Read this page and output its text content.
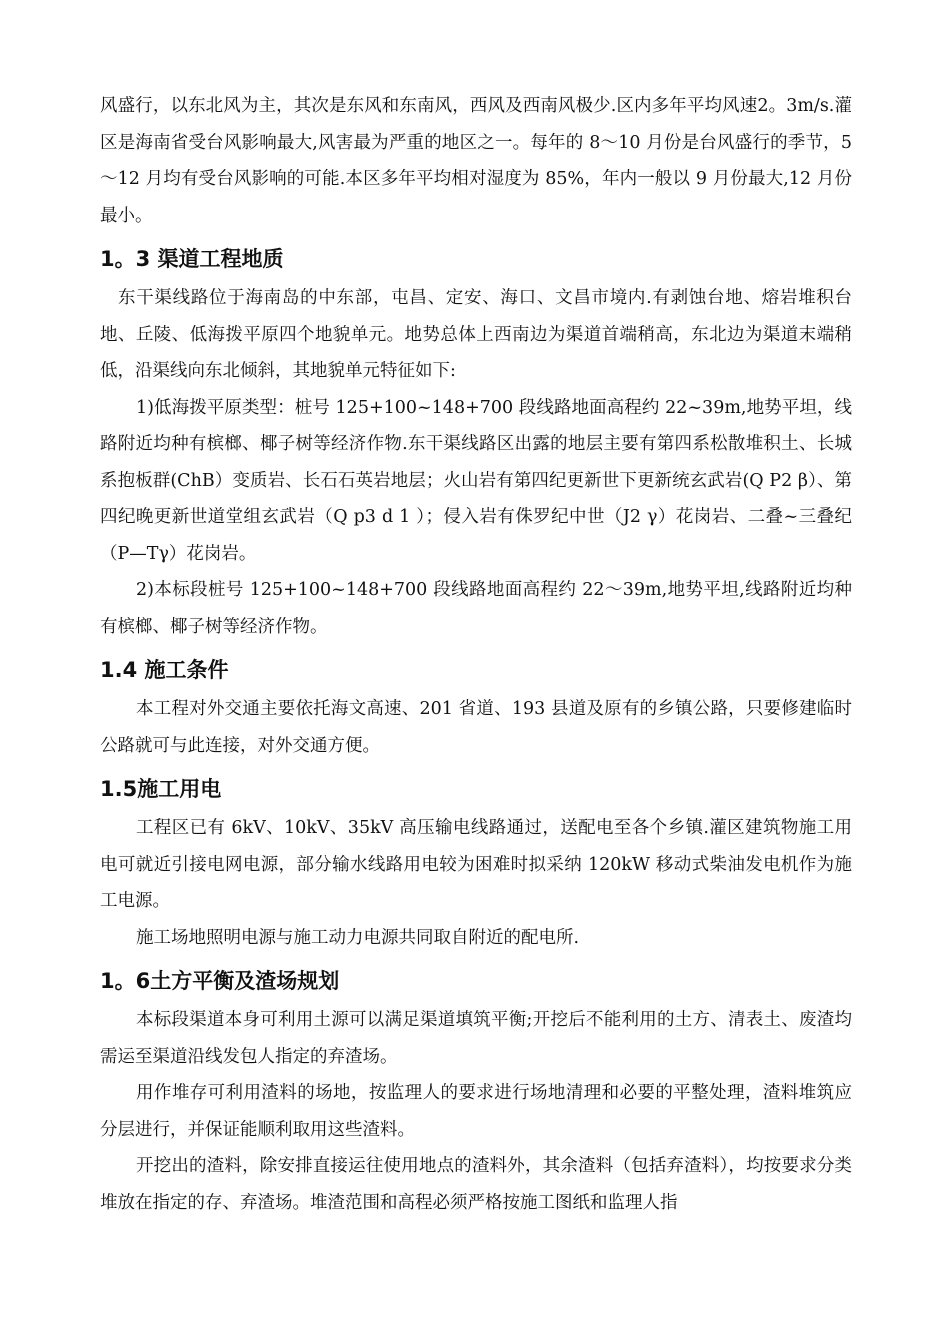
风盛行，以东北风为主，其次是东风和东南风，西风及西南风极少.区内多年平均风速2。3m/s.灌区是海南省受台风影响最大,风害最为严重的地区之一。每年的 8～10 月份是台风盛行的季节，5～12 月均有受台风影响的可能.本区多年平均相对湿度为 85%，年内一般以 9 月份最大,12 月份最小。

1。3 渠道工程地质

东干渠线路位于海南岛的中东部，屯昌、定安、海口、文昌市境内.有剥蚀台地、熔岩堆积台地、丘陵、低海拨平原四个地貌单元。地势总体上西南边为渠道首端稍高，东北边为渠道末端稍低，沿渠线向东北倾斜，其地貌单元特征如下:

1)低海拨平原类型：桩号 125+100~148+700 段线路地面高程约 22~39m,地势平坦，线路附近均种有槟榔、椰子树等经济作物.东干渠线路区出露的地层主要有第四系松散堆积土、长城系抱板群(ChB）变质岩、长石石英岩地层；火山岩有第四纪更新世下更新统玄武岩(Q P2 β）、第四纪晚更新世道堂组玄武岩（Q p3 d 1 ）；侵入岩有侏罗纪中世（J2 γ）花岗岩、二叠~三叠纪（P—Tγ）花岗岩。

2)本标段桩号 125+100~148+700 段线路地面高程约 22～39m,地势平坦,线路附近均种有槟榔、椰子树等经济作物。

1.4 施工条件

本工程对外交通主要依托海文高速、201 省道、193 县道及原有的乡镇公路，只要修建临时公路就可与此连接，对外交通方便。

1.5施工用电

工程区已有 6kV、10kV、35kV 高压输电线路通过，送配电至各个乡镇.灌区建筑物施工用电可就近引接电网电源，部分输水线路用电较为困难时拟采纳 120kW 移动式柴油发电机作为施工电源。

施工场地照明电源与施工动力电源共同取自附近的配电所.

1。6土方平衡及渣场规划

本标段渠道本身可利用土源可以满足渠道填筑平衡;开挖后不能利用的土方、清表土、废渣均需运至渠道沿线发包人指定的弃渣场。

用作堆存可利用渣料的场地，按监理人的要求进行场地清理和必要的平整处理，渣料堆筑应分层进行，并保证能顺利取用这些渣料。

开挖出的渣料，除安排直接运往使用地点的渣料外，其余渣料（包括弃渣料），均按要求分类堆放在指定的存、弃渣场。堆渣范围和高程必须严格按施工图纸和监理人指
